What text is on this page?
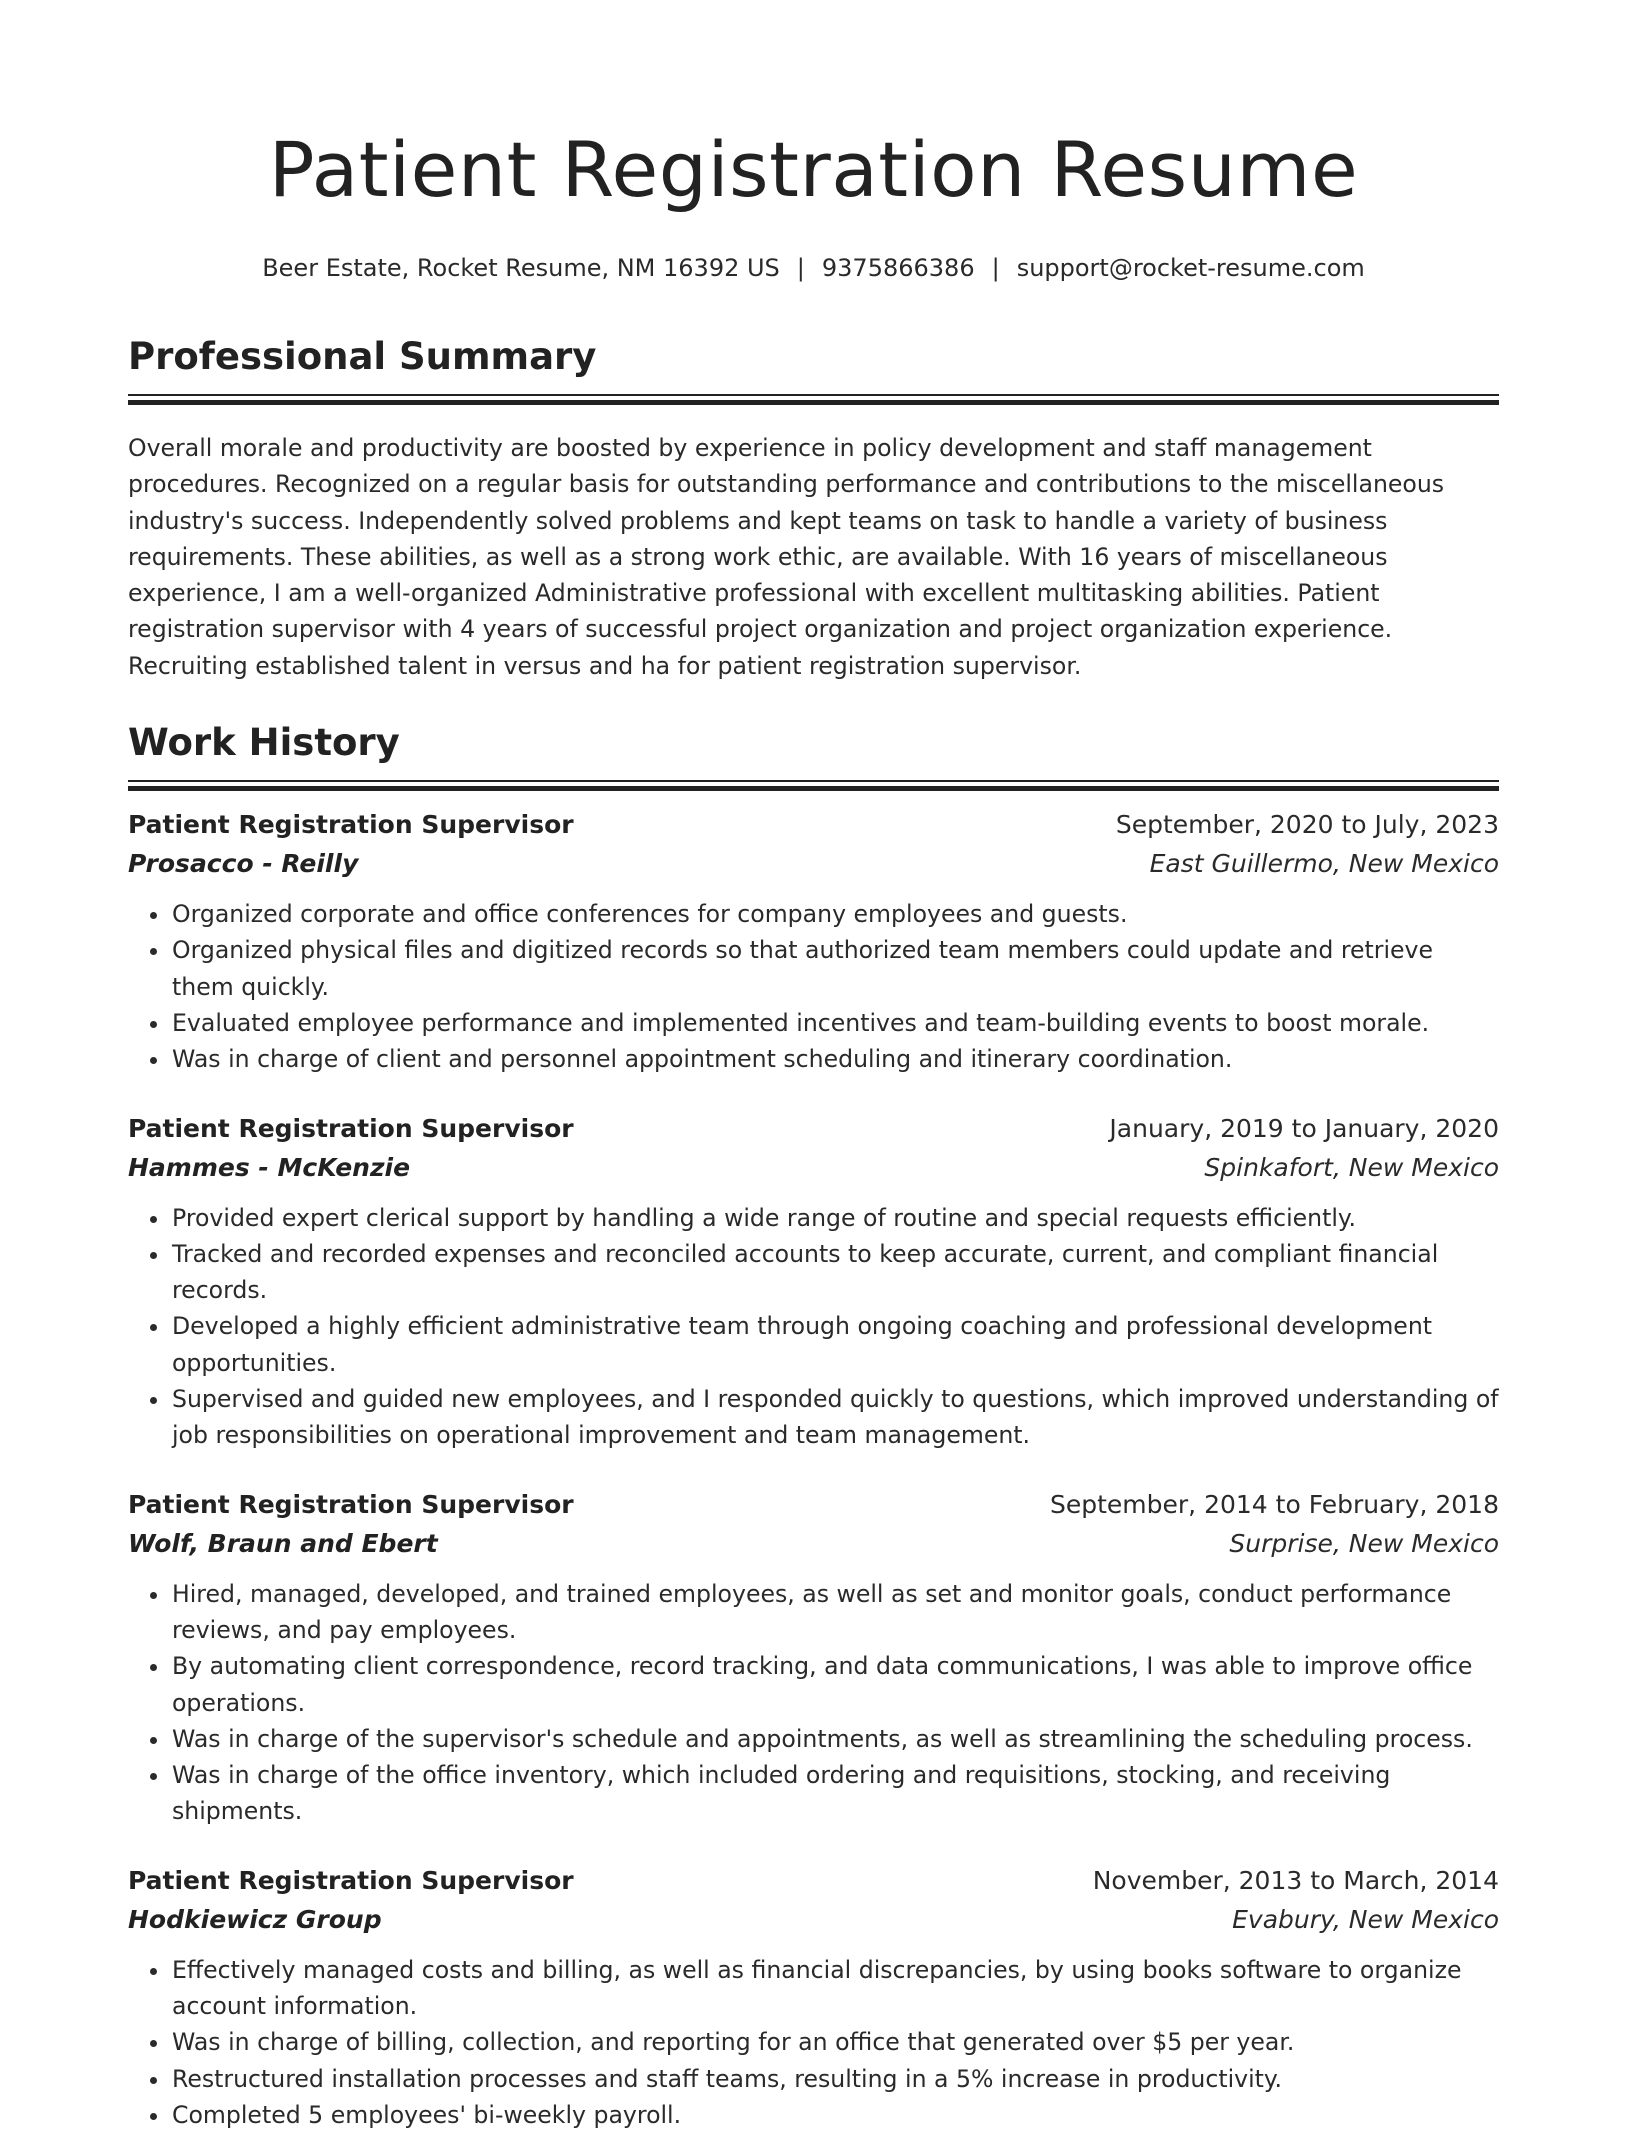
Patient Registration Resume
Beer Estate, Rocket Resume, NM 16392 US | 9375866386 | support@rocket-resume.com
Professional Summary

Overall morale and productivity are boosted by experience in policy development and staff management procedures. Recognized on a regular basis for outstanding performance and contributions to the miscellaneous industry's success. Independently solved problems and kept teams on task to handle a variety of business requirements. These abilities, as well as a strong work ethic, are available. With 16 years of miscellaneous experience, I am a well-organized Administrative professional with excellent multitasking abilities. Patient registration supervisor with 4 years of successful project organization and project organization experience. Recruiting established talent in versus and ha for patient registration supervisor.

Work History
Patient Registration Supervisor	September, 2020 to July, 2023
Prosacco - Reilly	East Guillermo, New Mexico
• Organized corporate and office conferences for company employees and guests.
• Organized physical files and digitized records so that authorized team members could update and retrieve them quickly.
• Evaluated employee performance and implemented incentives and team-building events to boost morale.
• Was in charge of client and personnel appointment scheduling and itinerary coordination.
Patient Registration Supervisor	January, 2019 to January, 2020
Hammes - McKenzie	Spinkafort, New Mexico
• Provided expert clerical support by handling a wide range of routine and special requests efficiently.
• Tracked and recorded expenses and reconciled accounts to keep accurate, current, and compliant financial records.
• Developed a highly efficient administrative team through ongoing coaching and professional development opportunities.
• Supervised and guided new employees, and I responded quickly to questions, which improved understanding of job responsibilities on operational improvement and team management.
Patient Registration Supervisor	September, 2014 to February, 2018
Wolf, Braun and Ebert	Surprise, New Mexico
• Hired, managed, developed, and trained employees, as well as set and monitor goals, conduct performance reviews, and pay employees.
• By automating client correspondence, record tracking, and data communications, I was able to improve office operations.
• Was in charge of the supervisor's schedule and appointments, as well as streamlining the scheduling process.
• Was in charge of the office inventory, which included ordering and requisitions, stocking, and receiving shipments.
Patient Registration Supervisor	November, 2013 to March, 2014
Hodkiewicz Group	Evabury, New Mexico
• Effectively managed costs and billing, as well as financial discrepancies, by using books software to organize account information.
• Was in charge of billing, collection, and reporting for an office that generated over $5 per year.
• Restructured installation processes and staff teams, resulting in a 5% increase in productivity.
• Completed 5 employees' bi-weekly payroll.
